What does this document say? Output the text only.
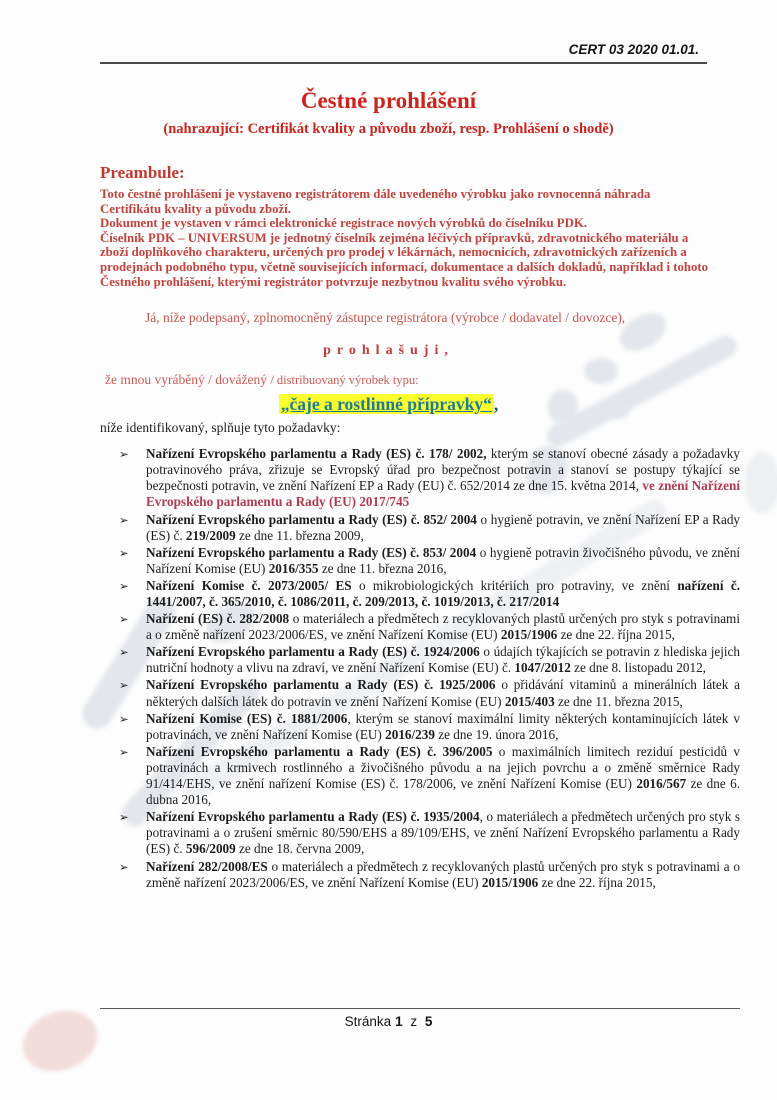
CERT 03 2020 01.01.
Čestné prohlášení
(nahrazující: Certifikát kvality a původu zboží, resp. Prohlášení o shodě)
Preambule:

Toto čestné prohlášení je vystaveno registrátorem dále uvedeného výrobku jako rovnocenná náhrada Certifikátu kvality a původu zboží.

Dokument je vystaven v rámci elektronické registrace nových výrobků do číselníku PDK.

Číselník PDK – UNIVERSUM je jednotný číselník zejména léčivých přípravků, zdravotnického materiálu a zboží doplňkového charakteru, určených pro prodej v lékárnách, nemocnicích, zdravotnických zařízeních a prodejnách podobného typu, včetně souvisejících informací, dokumentace a dalších dokladů, například i tohoto Čestného prohlášení, kterými registrátor potvrzuje nezbytnou kvalitu svého výrobku.

Já, níže podepsaný, zplnomocněný zástupce registrátora (výrobce / dodavatel / dovozce),

prohlašuji,

že mnou vyráběný / dovážený / distribuovaný výrobek typu:

„čaje a rostlinné přípravky“ ,

níže identifikovaný, splňuje tyto požadavky:

➢ Nařízení Evropského parlamentu a Rady (ES) č. 178/ 2002, kterým se stanoví obecné zásady a požadavky potravinového práva, zřizuje se Evropský úřad pro bezpečnost potravin a stanoví se postupy týkající se bezpečnosti potravin, ve znění Nařízení EP a Rady (EU) č. 652/2014 ze dne 15. května 2014, ve znění Nařízení Evropského parlamentu a Rady (EU) 2017/745
➢ Nařízení Evropského parlamentu a Rady (ES) č. 852/ 2004 o hygieně potravin, ve znění Nařízení EP a Rady (ES) č. 219/2009 ze dne 11. března 2009,
➢ Nařízení Evropského parlamentu a Rady (ES) č. 853/ 2004 o hygieně potravin živočišného původu, ve znění Nařízení Komise (EU) 2016/355 ze dne 11. března 2016,
➢ Nařízení Komise č. 2073/2005/ ES o mikrobiologických kritériích pro potraviny, ve znění nařízení č. 1441/2007, č. 365/2010, č. 1086/2011, č. 209/2013, č. 1019/2013, č. 217/2014
➢ Nařízení (ES) č. 282/2008 o materiálech a předmětech z recyklovaných plastů určených pro styk s potravinami a o změně nařízení 2023/2006/ES, ve znění Nařízení Komise (EU) 2015/1906 ze dne 22. října 2015,
➢ Nařízení Evropského parlamentu a Rady (ES) č. 1924/2006 o údajích týkajících se potravin z hlediska jejich nutriční hodnoty a vlivu na zdraví, ve znění Nařízení Komise (EU) č. 1047/2012 ze dne 8. listopadu 2012,
➢ Nařízení Evropského parlamentu a Rady (ES) č. 1925/2006 o přidávání vitaminů a minerálních látek a některých dalších látek do potravin ve znění Nařízení Komise (EU) 2015/403 ze dne 11. března 2015,
➢ Nařízení Komise (ES) č. 1881/2006, kterým se stanoví maximální limity některých kontaminujících látek v potravinách, ve znění Nařízení Komise (EU) 2016/239 ze dne 19. února 2016,
➢ Nařízení Evropského parlamentu a Rady (ES) č. 396/2005 o maximálních limitech reziduí pesticidů v potravinách a krmivech rostlinného a živočišného původu a na jejich povrchu a o změně směrnice Rady 91/414/EHS, ve znění nařízení Komise (ES) č. 178/2006, ve znění Nařízení Komise (EU) 2016/567 ze dne 6. dubna 2016,
➢ Nařízení Evropského parlamentu a Rady (ES) č. 1935/2004, o materiálech a předmětech určených pro styk s potravinami a o zrušení směrnic 80/590/EHS a 89/109/EHS, ve znění Nařízení Evropského parlamentu a Rady (ES) č. 596/2009 ze dne 18. června 2009,
➢ Nařízení 282/2008/ES o materiálech a předmětech z recyklovaných plastů určených pro styk s potravinami a o změně nařízení 2023/2006/ES, ve znění Nařízení Komise (EU) 2015/1906 ze dne 22. října 2015,
Stránka 1 z 5
